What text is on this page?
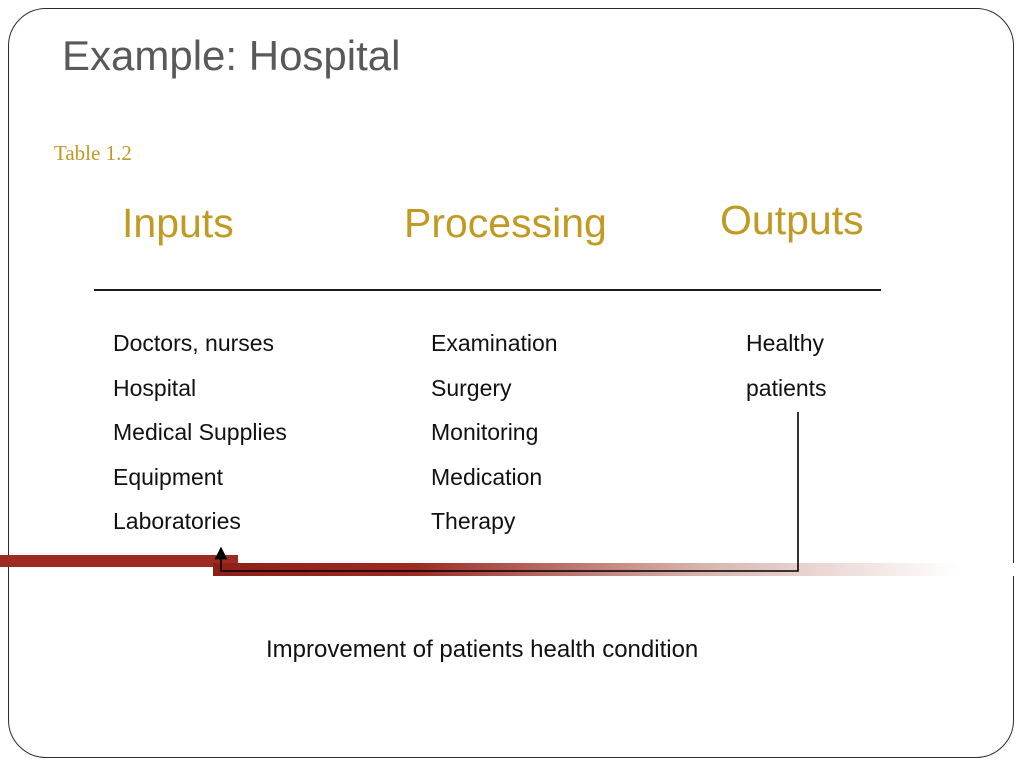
Example: Hospital
Table 1.2
Inputs	Processing	Outputs
Doctors, nurses
Hospital
Medical Supplies
Equipment
Laboratories
Examination
Surgery
Monitoring
Medication
Therapy
Healthy
patients
Improvement of patients health condition
